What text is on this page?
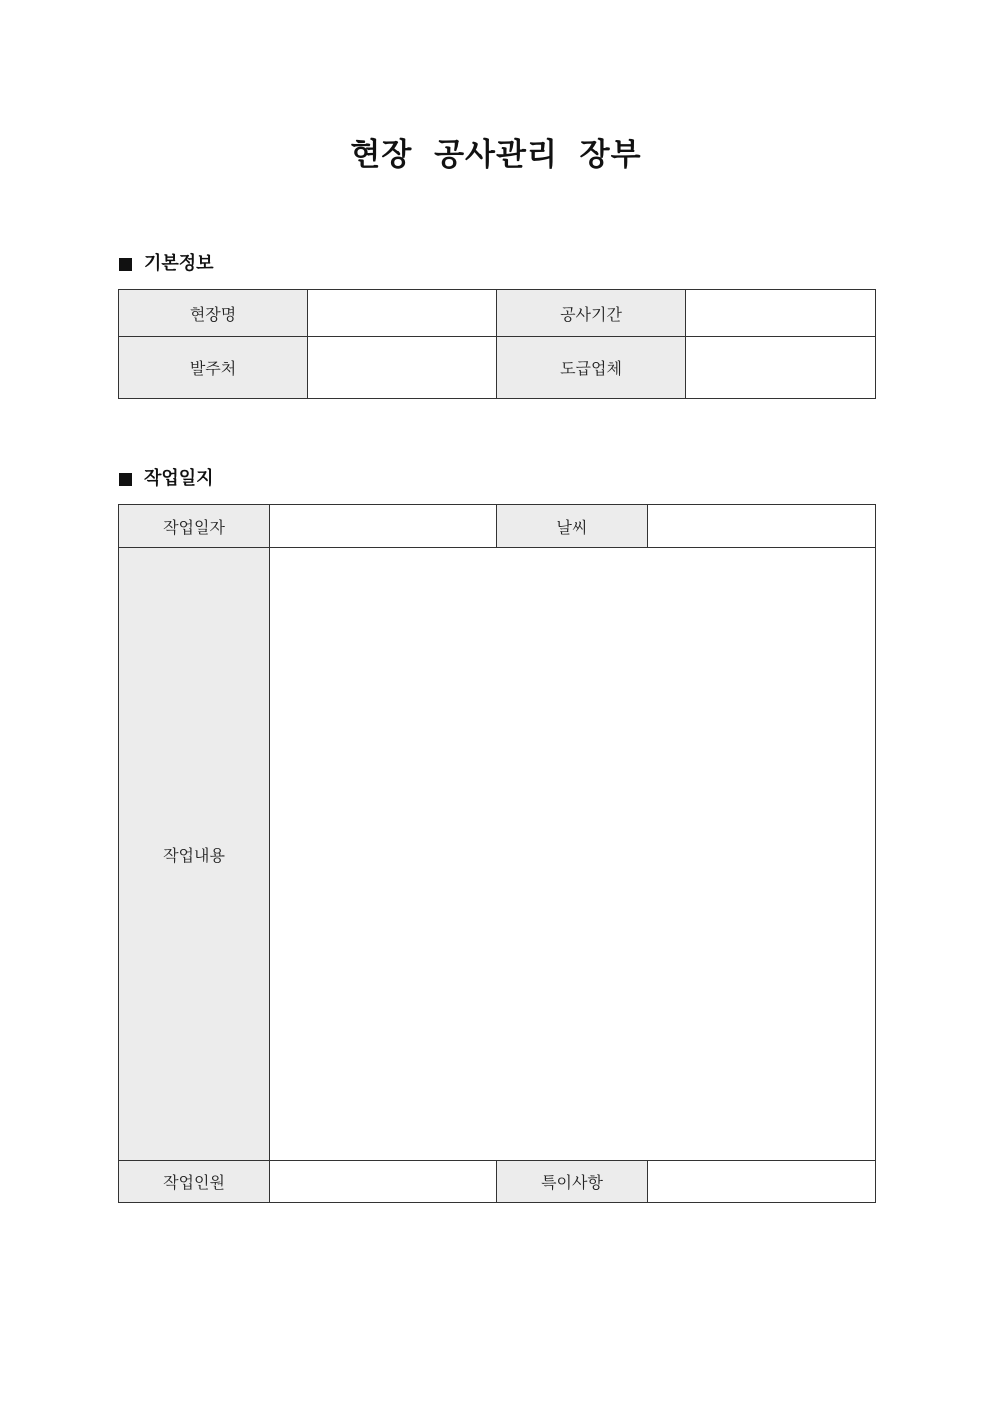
현장 공사관리 장부
기본정보
현장명		공사기간	
발주처		도급업체	
작업일지
작업일자		날씨	
작업내용			
작업인원		특이사항	
